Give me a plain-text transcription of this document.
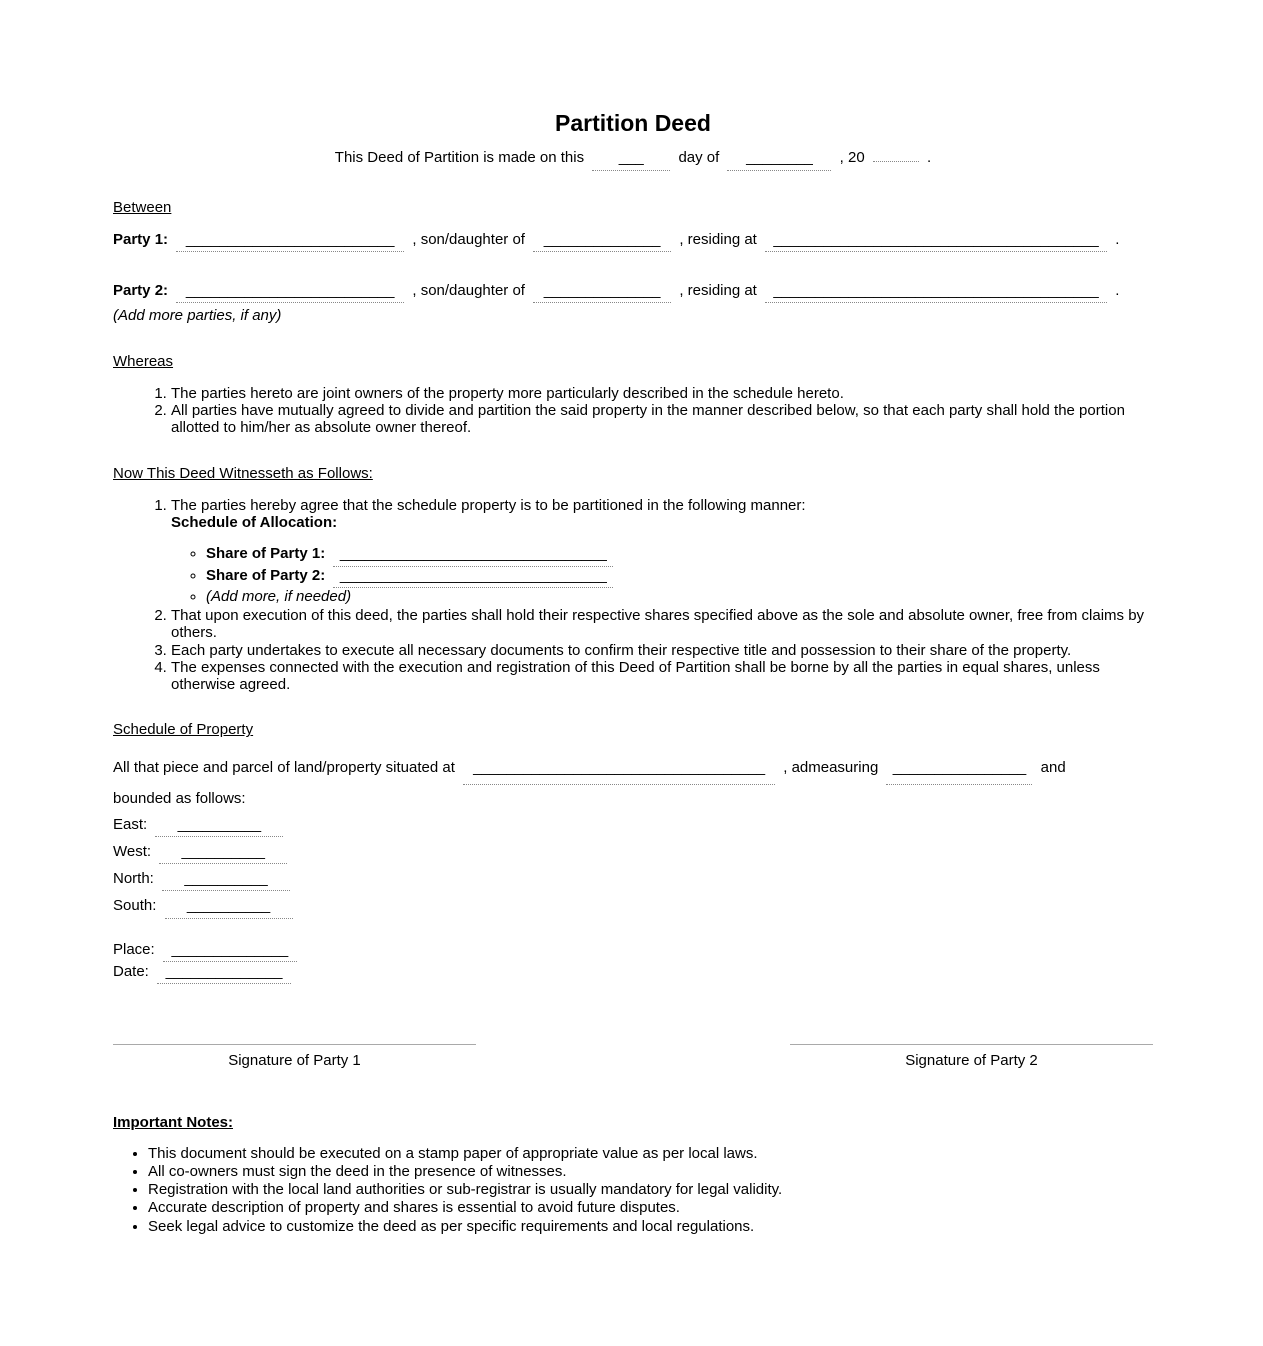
Partition Deed

This Deed of Partition is made on this ___ day of ________ , 20	.

Between
Party 1: _________________________ , son/daughter of ______________ , residing at _______________________________________ .
Party 2: _________________________ , son/daughter of ______________ , residing at _______________________________________ .
(Add more parties, if any)
Whereas
1. The parties hereto are joint owners of the property more particularly described in the schedule hereto.
2. All parties have mutually agreed to divide and partition the said property in the manner described below, so that each party shall hold the portion allotted to him/her as absolute owner thereof.
Now This Deed Witnesseth as Follows:
1. The parties hereby agree that the schedule property is to be partitioned in the following manner:
Schedule of Allocation:
◦ Share of Party 1: ________________________________
◦ Share of Party 2: ________________________________
◦ (Add more, if needed)
2. That upon execution of this deed, the parties shall hold their respective shares specified above as the sole and absolute owner, free from claims by others.
3. Each party undertakes to execute all necessary documents to confirm their respective title and possession to their share of the property.
4. The expenses connected with the execution and registration of this Deed of Partition shall be borne by all the parties in equal shares, unless otherwise agreed.
Schedule of Property
All that piece and parcel of land/property situated at ___________________________________ , admeasuring ________________ and
bounded as follows:
East: __________
West: __________
North: __________
South: __________
Place: ______________
Date: ______________
Signature of Party 1	Signature of Party 2
Important Notes:
• This document should be executed on a stamp paper of appropriate value as per local laws.
• All co-owners must sign the deed in the presence of witnesses.
• Registration with the local land authorities or sub-registrar is usually mandatory for legal validity.
• Accurate description of property and shares is essential to avoid future disputes.
• Seek legal advice to customize the deed as per specific requirements and local regulations.
